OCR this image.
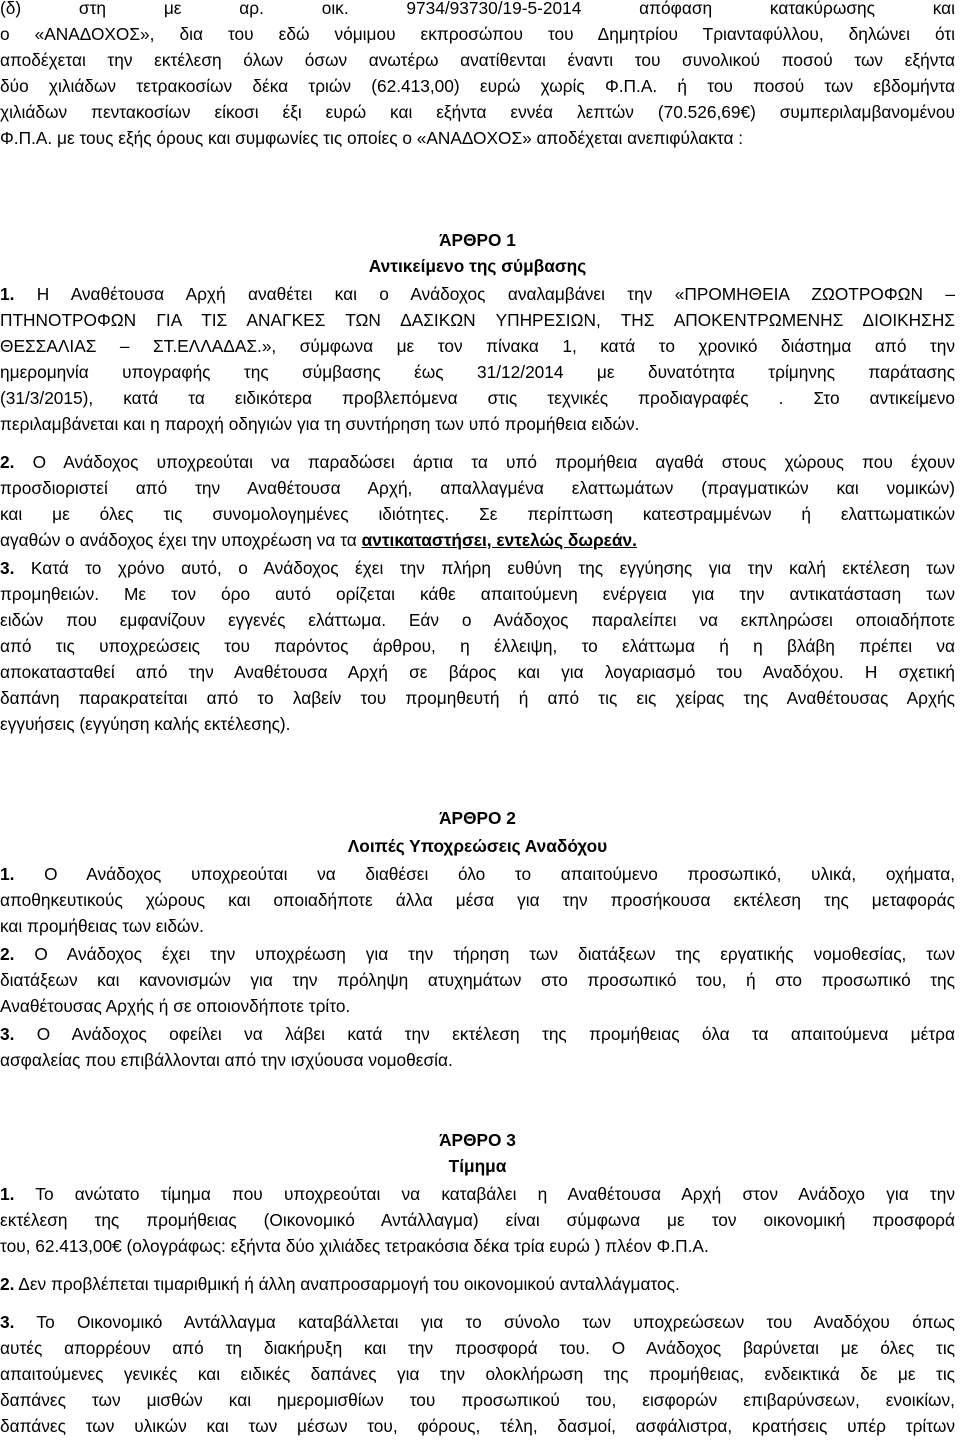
(δ) στη με αρ. οικ. 9734/93730/19-5-2014 απόφαση κατακύρωσης και
ο «ΑΝΑΔΟΧΟΣ», δια του εδώ νόμιμου εκπροσώπου του Δημητρίου Τριανταφύλλου, δηλώνει ότι
αποδέχεται την εκτέλεση όλων όσων ανωτέρω ανατίθενται έναντι του συνολικού ποσού των εξήντα
δύο χιλιάδων τετρακοσίων δέκα τριών (62.413,00) ευρώ χωρίς Φ.Π.Α. ή του ποσού των εβδομήντα
χιλιάδων πεντακοσίων είκοσι έξι ευρώ και εξήντα εννέα λεπτών (70.526,69€) συμπεριλαμβανομένου
Φ.Π.Α. με τους εξής όρους και συμφωνίες τις οποίες ο «ΑΝΑΔΟΧΟΣ» αποδέχεται ανεπιφύλακτα :
ΆΡΘΡΟ 1
Αντικείμενο της σύμβασης
1. Η Αναθέτουσα Αρχή αναθέτει και ο Ανάδοχος αναλαμβάνει την «ΠΡΟΜΗΘΕΙΑ ΖΩΟΤΡΟΦΩΝ –
ΠΤΗΝΟΤΡΟΦΩΝ ΓΙΑ ΤΙΣ ΑΝΑΓΚΕΣ ΤΩΝ ΔΑΣΙΚΩΝ ΥΠΗΡΕΣΙΩΝ, ΤΗΣ ΑΠΟΚΕΝΤΡΩΜΕΝΗΣ ΔΙΟΙΚΗΣΗΣ
ΘΕΣΣΑΛΙΑΣ – ΣΤ.ΕΛΛΑΔΑΣ.», σύμφωνα με τον πίνακα 1, κατά το χρονικό διάστημα από την
ημερομηνία υπογραφής της σύμβασης έως 31/12/2014 με δυνατότητα τρίμηνης παράτασης
(31/3/2015), κατά τα ειδικότερα προβλεπόμενα στις τεχνικές προδιαγραφές . Στο αντικείμενο
περιλαμβάνεται και η παροχή οδηγιών για τη συντήρηση των υπό προμήθεια ειδών.
2. Ο Ανάδοχος υποχρεούται να παραδώσει άρτια τα υπό προμήθεια αγαθά στους χώρους που έχουν
προσδιοριστεί από την Αναθέτουσα Αρχή, απαλλαγμένα ελαττωμάτων (πραγματικών και νομικών)
και με όλες τις συνομολογημένες ιδιότητες. Σε περίπτωση κατεστραμμένων ή ελαττωματικών
αγαθών ο ανάδοχος έχει την υποχρέωση να τα αντικαταστήσει, εντελώς δωρεάν.
3. Κατά το χρόνο αυτό, ο Ανάδοχος έχει την πλήρη ευθύνη της εγγύησης για την καλή εκτέλεση των
προμηθειών. Με τον όρο αυτό ορίζεται κάθε απαιτούμενη ενέργεια για την αντικατάσταση των
ειδών που εμφανίζουν εγγενές ελάττωμα. Εάν ο Ανάδοχος παραλείπει να εκπληρώσει οποιαδήποτε
από τις υποχρεώσεις του παρόντος άρθρου, η έλλειψη, το ελάττωμα ή η βλάβη πρέπει να
αποκατασταθεί από την Αναθέτουσα Αρχή σε βάρος και για λογαριασμό του Αναδόχου. Η σχετική
δαπάνη παρακρατείται από το λαβείν του προμηθευτή ή από τις εις χείρας της Αναθέτουσας Αρχής
εγγυήσεις (εγγύηση καλής εκτέλεσης).
ΆΡΘΡΟ 2
Λοιπές Υποχρεώσεις Αναδόχου
1. Ο Ανάδοχος υποχρεούται να διαθέσει όλο το απαιτούμενο προσωπικό, υλικά, οχήματα,
αποθηκευτικούς χώρους και οποιαδήποτε άλλα μέσα για την προσήκουσα εκτέλεση της μεταφοράς
και προμήθειας των ειδών.
2. Ο Ανάδοχος έχει την υποχρέωση για την τήρηση των διατάξεων της εργατικής νομοθεσίας, των
διατάξεων και κανονισμών για την πρόληψη ατυχημάτων στο προσωπικό του, ή στο προσωπικό της
Αναθέτουσας Αρχής ή σε οποιονδήποτε τρίτο.
3. Ο Ανάδοχος οφείλει να λάβει κατά την εκτέλεση της προμήθειας όλα τα απαιτούμενα μέτρα
ασφαλείας που επιβάλλονται από την ισχύουσα νομοθεσία.
ΆΡΘΡΟ 3
Τίμημα
1. Το ανώτατο τίμημα που υποχρεούται να καταβάλει η Αναθέτουσα Αρχή στον Ανάδοχο για την
εκτέλεση της προμήθειας (Οικονομικό Αντάλλαγμα) είναι σύμφωνα με τον οικονομική προσφορά
του, 62.413,00€ (ολογράφως: εξήντα δύο χιλιάδες τετρακόσια δέκα τρία ευρώ ) πλέον Φ.Π.Α.
2. Δεν προβλέπεται τιμαριθμική ή άλλη αναπροσαρμογή του οικονομικού ανταλλάγματος.
3. Το Οικονομικό Αντάλλαγμα καταβάλλεται για το σύνολο των υποχρεώσεων του Αναδόχου όπως
αυτές απορρέουν από τη διακήρυξη και την προσφορά του. Ο Ανάδοχος βαρύνεται με όλες τις
απαιτούμενες γενικές και ειδικές δαπάνες για την ολοκλήρωση της προμήθειας, ενδεικτικά δε με τις
δαπάνες των μισθών και ημερομισθίων του προσωπικού του, εισφορών επιβαρύνσεων, ενοικίων,
δαπάνες των υλικών και των μέσων του, φόρους, τέλη, δασμοί, ασφάλιστρα, κρατήσεις υπέρ τρίτων
